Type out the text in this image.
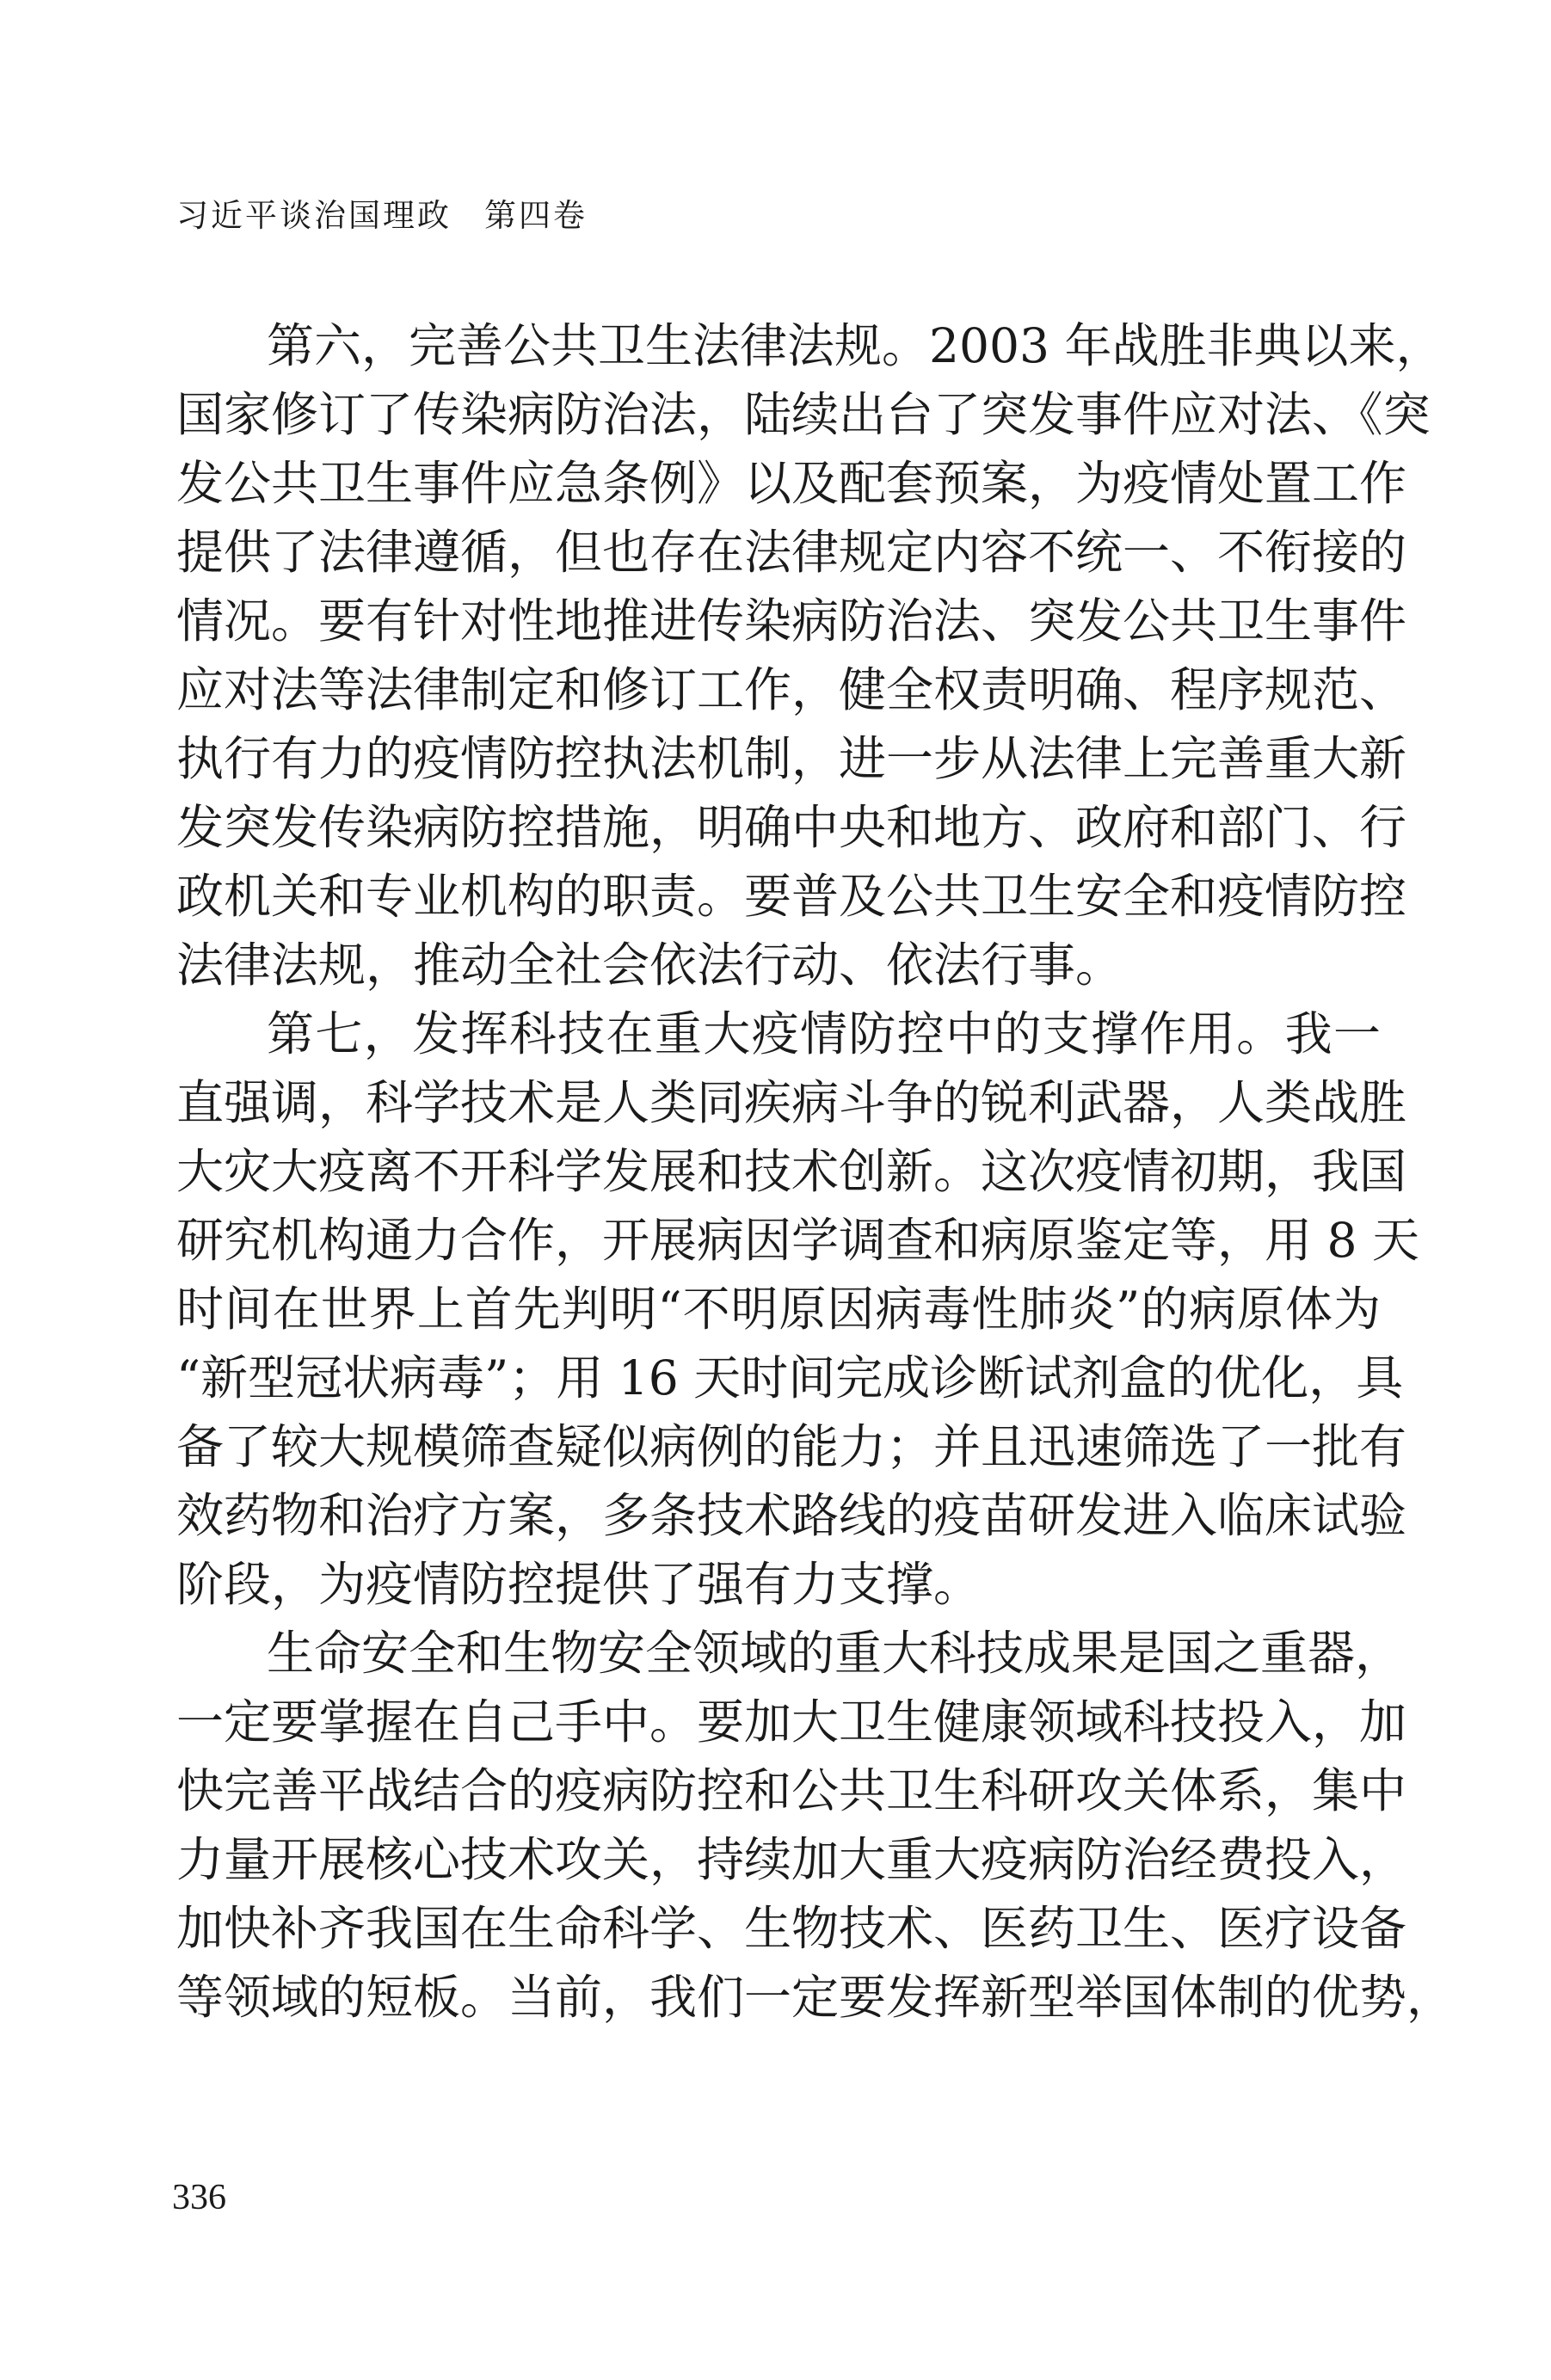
习近平谈治国理政 第四卷
第六，完善公共卫生法律法规。2003 年战胜非典以来，
国家修订了传染病防治法，陆续出台了突发事件应对法、《突
发公共卫生事件应急条例》以及配套预案，为疫情处置工作
提供了法律遵循，但也存在法律规定内容不统一、不衔接的
情况。要有针对性地推进传染病防治法、突发公共卫生事件
应对法等法律制定和修订工作，健全权责明确、程序规范、
执行有力的疫情防控执法机制，进一步从法律上完善重大新
发突发传染病防控措施，明确中央和地方、政府和部门、行
政机关和专业机构的职责。要普及公共卫生安全和疫情防控
法律法规，推动全社会依法行动、依法行事。
第七，发挥科技在重大疫情防控中的支撑作用。我一
直强调，科学技术是人类同疾病斗争的锐利武器，人类战胜
大灾大疫离不开科学发展和技术创新。这次疫情初期，我国
研究机构通力合作，开展病因学调查和病原鉴定等，用 8 天
时间在世界上首先判明“不明原因病毒性肺炎”的病原体为
“新型冠状病毒”；用 16 天时间完成诊断试剂盒的优化，具
备了较大规模筛查疑似病例的能力；并且迅速筛选了一批有
效药物和治疗方案，多条技术路线的疫苗研发进入临床试验
阶段，为疫情防控提供了强有力支撑。
生命安全和生物安全领域的重大科技成果是国之重器，
一定要掌握在自己手中。要加大卫生健康领域科技投入，加
快完善平战结合的疫病防控和公共卫生科研攻关体系，集中
力量开展核心技术攻关，持续加大重大疫病防治经费投入，
加快补齐我国在生命科学、生物技术、医药卫生、医疗设备
等领域的短板。当前，我们一定要发挥新型举国体制的优势，
336
